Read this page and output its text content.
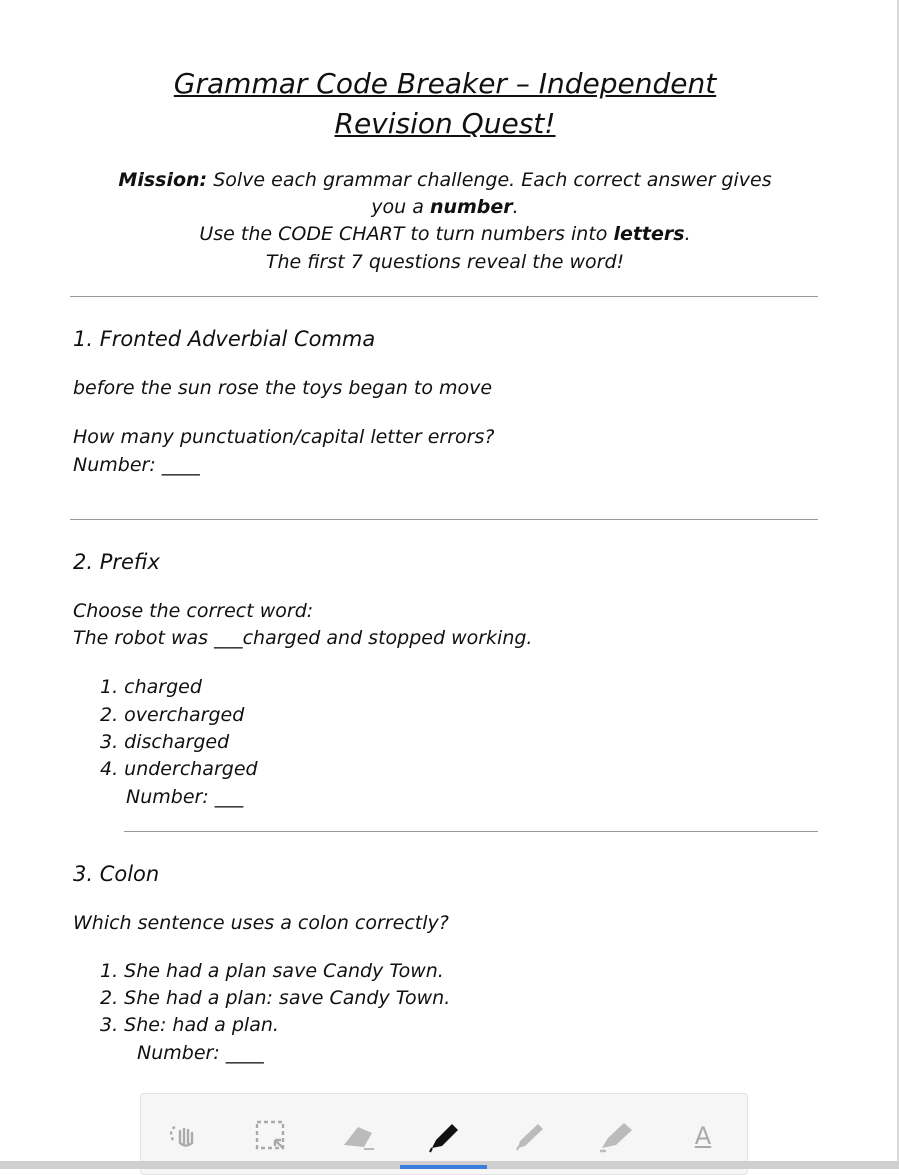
Grammar Code Breaker – Independent
Revision Quest!
Mission: Solve each grammar challenge. Each correct answer gives
you a number.
Use the CODE CHART to turn numbers into letters.
The first 7 questions reveal the word!
1. Fronted Adverbial Comma
before the sun rose the toys began to move
How many punctuation/capital letter errors?
Number: ____
2. Prefix
Choose the correct word:
The robot was ___charged and stopped working.
1. charged
2. overcharged
3. discharged
4. undercharged
Number: ___
3. Colon
Which sentence uses a colon correctly?
1. She had a plan save Candy Town.
2. She had a plan: save Candy Town.
3. She: had a plan.
Number: ____
A
